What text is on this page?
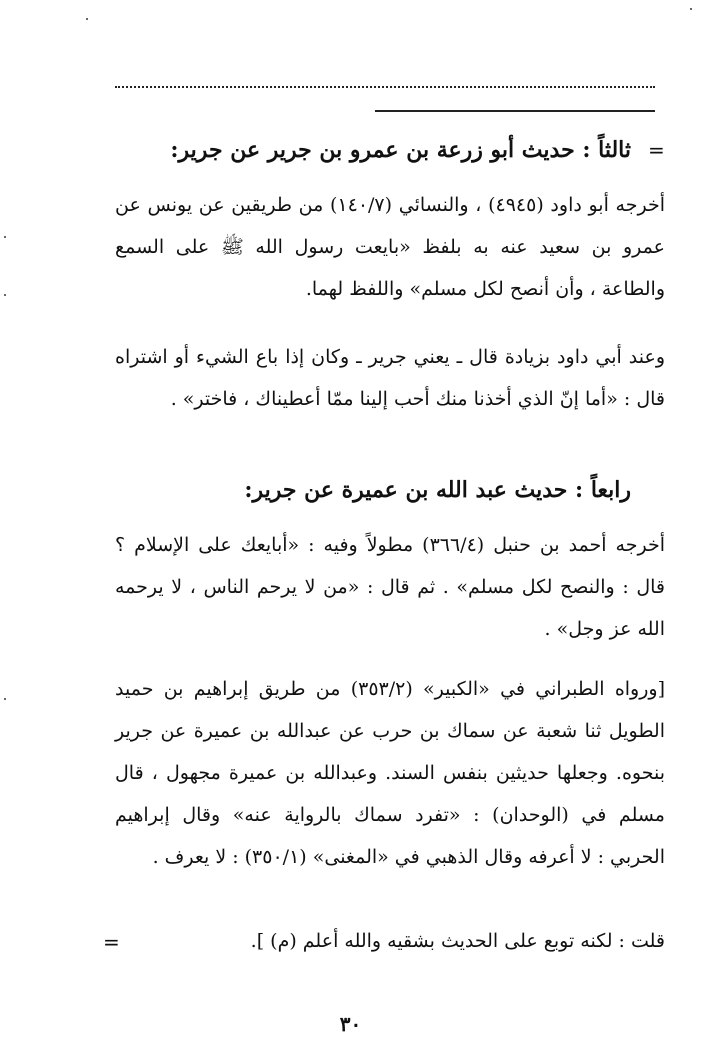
=
ثالثاً : حديث أبو زرعة بن عمرو بن جرير عن جرير:
أخرجه أبو داود (٤٩٤٥) ، والنسائي (١٤٠/٧) من طريقين عن يونس عن عمرو بن سعيد عنه به بلفظ «بايعت رسول الله ﷺ على السمع والطاعة ، وأن أنصح لكل مسلم» واللفظ لهما.
وعند أبي داود بزيادة قال ـ يعني جرير ـ وكان إذا باع الشيء أو اشتراه قال : «أما إنّ الذي أخذنا منك أحب إلينا ممّا أعطيناك ، فاختر» .
رابعاً : حديث عبد الله بن عميرة عن جرير:
أخرجه أحمد بن حنبل (٣٦٦/٤) مطولاً وفيه : «أبايعك على الإسلام ؟ قال : والنصح لكل مسلم» . ثم قال : «من لا يرحم الناس ، لا يرحمه الله عز وجل» .
[ورواه الطبراني في «الكبير» (٣٥٣/٢) من طريق إبراهيم بن حميد الطويل ثنا شعبة عن سماك بن حرب عن عبدالله بن عميرة عن جرير بنحوه. وجعلها حديثين بنفس السند. وعبدالله بن عميرة مجهول ، قال مسلم في (الوحدان) : «تفرد سماك بالرواية عنه» وقال إبراهيم الحربي : لا أعرفه وقال الذهبي في «المغنى» (٣٥٠/١) : لا يعرف .
قلت : لكنه توبع على الحديث بشقيه والله أعلم (م) ].
=
٣٠
